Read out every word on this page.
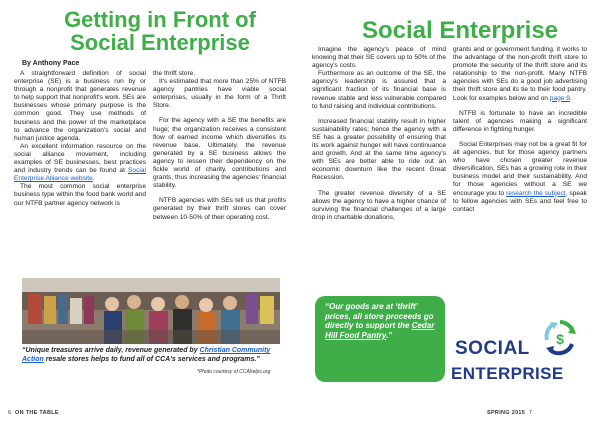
Getting in Front of Social Enterprise
By Anthony Pace

A straightforward definition of social enterprise (SE) is a business run by or through a nonprofit that generates revenue to help support that nonprofit's work. SEs are businesses whose primary purpose is the common good. They use methods of business and the power of the marketplace to advance the organization's social and human justice agenda.

An excellent information resource on the social alliance movement, including examples of SE businesses, best practices and industry trends can be found at Social Enterprise Alliance website.

The most common social enterprise business type within the food bank world and our NTFB partner agency network is

the thrift store.

It's estimated that more than 25% of NTFB agency pantries have viable social enterprises, usually in the form of a Thrift Store.

For the agency with a SE the benefits are huge; the organization receives a consistent flow of earned income which diversifies its revenue base. Ultimately, the revenue generated by a SE business allows the agency to lessen their dependency on the fickle world of charity, contributions and grants, thus increasing the agencies' financial stability.

NTFB agencies with SEs tell us that profits generated by their thrift stores can cover between 10-50% of their operating cost.

“Unique treasures arrive daily, revenue generated by Christian Community Action resale stores helps to fund all of CCA's services and programs.”
*Photo courtesy of CCAhelps.org
6 ON THE TABLE
Social Enterprise

Imagine the agency's peace of mind knowing that their SE covers up to 50% of the agency's costs.

Furthermore as an outcome of the SE, the agency's leadership is assured that a significant fraction of its financial base is revenue stable and less vulnerable compared to fund raising and individual contributions.

Increased financial stability result in higher sustainability rates; hence the agency with a SE has a greater possibility of ensuring that its work against hunger will have continuance and growth. And at the same time agency's with SEs are better able to ride out an economic downturn like the recent Great Recession.

The greater revenue diversity of a SE allows the agency to have a higher chance of surviving the financial challenges of a large drop in charitable donations,

grants and or government funding. it works to the advantage of the non-profit thrift store to promote the security of the thrift store and its relationship to the non-profit. Many NTFB agencies with SEs do a good job advertising their thrift store and its tie to their food pantry. Look for examples below and on page 9.

NTFB is fortunate to have an incredible talent of agencies making a significant difference in fighting hunger.

Social Enterprises may not be a great fit for all agencies, but for those agency partners who have chosen greater revenue diversification, SEs has a growing role in their business model and their sustainability. And for those agencies without a SE we encourage you to research the subject, speak to fellow agencies with SEs and feel free to contact

SPRING 2015 7
“Our goods are at ‘thrift’ prices, all store proceeds go directly to support the Cedar Hill Food Pantry.”
SOCIAL
ENTERPRISE
$
